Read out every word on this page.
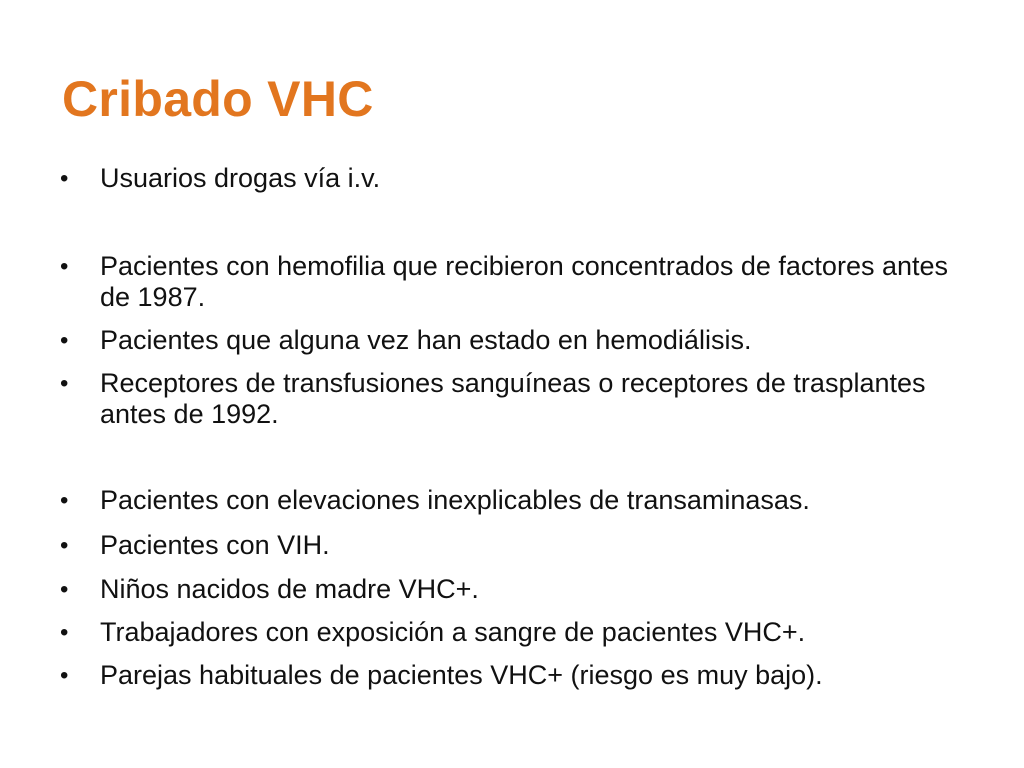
Cribado VHC
•	Usuarios drogas vía i.v.
•	Pacientes con hemofilia que recibieron concentrados de factores antes de 1987.
•	Pacientes que alguna vez han estado en hemodiálisis.
•	Receptores de transfusiones sanguíneas o receptores de trasplantes antes de 1992.
•	Pacientes con elevaciones inexplicables de transaminasas.
•	Pacientes con VIH.
•	Niños nacidos de madre VHC+.
•	Trabajadores con exposición a sangre de pacientes VHC+.
•	Parejas habituales de pacientes VHC+ (riesgo es muy bajo).
